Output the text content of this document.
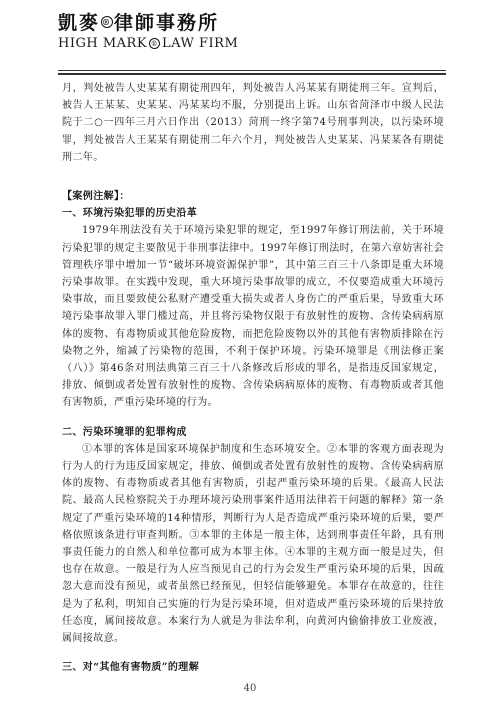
凱麥 ® 律師事務所
HIGH MARK ® LAW FIRM

月，判处被告人史某某有期徒刑四年，判处被告人冯某某有期徒刑三年。宣判后，被告人王某某、史某某、冯某某均不服，分别提出上诉。山东省菏泽市中级人民法院于二○一四年三月六日作出（2013）菏刑一终字第74号刑事判决，以污染环境罪，判处被告人王某某有期徒刑二年六个月，判处被告人史某某、冯某某各有期徒刑二年。

【案例注解】：

一、环境污染犯罪的历史沿革

1979年刑法没有关于环境污染犯罪的规定，至1997年修订刑法前，关于环境污染犯罪的规定主要散见于非刑事法律中。1997年修订刑法时，在第六章妨害社会管理秩序罪中增加一节“破坏环境资源保护罪”，其中第三百三十八条即是重大环境污染事故罪。在实践中发现，重大环境污染事故罪的成立，不仅要造成重大环境污染事故，而且要致使公私财产遭受重大损失或者人身伤亡的严重后果，导致重大环境污染事故罪入罪门槛过高，并且将污染物仅限于有放射性的废物、含传染病病原体的废物、有毒物质或其他危险废物，而把危险废物以外的其他有害物质排除在污染物之外，缩减了污染物的范围，不利于保护环境。污染环境罪是《刑法修正案（八）》第46条对刑法典第三百三十八条修改后形成的罪名，是指违反国家规定，排放、倾倒或者处置有放射性的废物、含传染病病原体的废物、有毒物质或者其他有害物质，严重污染环境的行为。

二、污染环境罪的犯罪构成

①本罪的客体是国家环境保护制度和生态环境安全。②本罪的客观方面表现为行为人的行为违反国家规定，排放、倾倒或者处置有放射性的废物、含传染病病原体的废物、有毒物质或者其他有害物质，引起严重污染环境的后果。《最高人民法院、最高人民检察院关于办理环境污染刑事案件适用法律若干问题的解释》第一条规定了严重污染环境的14种情形，判断行为人是否造成严重污染环境的后果，要严格依照该条进行审查判断。③本罪的主体是一般主体，达到刑事责任年龄，具有刑事责任能力的自然人和单位都可成为本罪主体。④本罪的主观方面一般是过失，但也存在故意。一般是行为人应当预见自己的行为会发生严重污染环境的后果，因疏忽大意而没有预见，或者虽然已经预见，但轻信能够避免。本罪存在故意的，往往是为了私利，明知自己实施的行为是污染环境，但对造成严重污染环境的后果持放任态度，属间接故意。本案行为人就是为非法牟利，向黄河内偷偷排放工业废液，属间接故意。

三、对“其他有害物质”的理解

40
